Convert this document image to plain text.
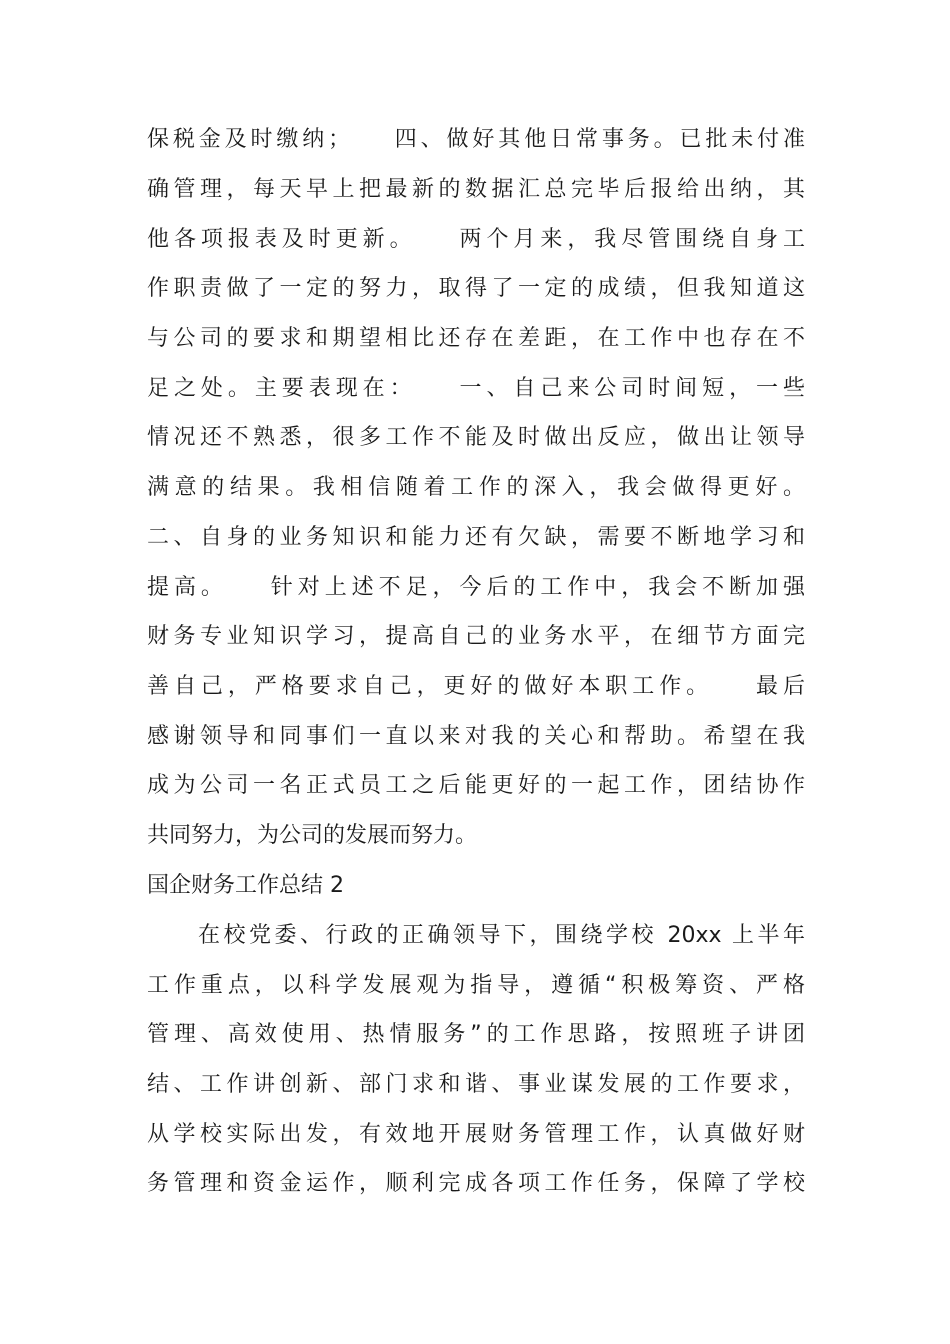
保税金及时缴纳；　　四、做好其他日常事务。已批未付准
确管理，每天早上把最新的数据汇总完毕后报给出纳，其
他各项报表及时更新。　　两个月来，我尽管围绕自身工
作职责做了一定的努力，取得了一定的成绩，但我知道这
与公司的要求和期望相比还存在差距，在工作中也存在不
足之处。主要表现在：　　一、自己来公司时间短，一些
情况还不熟悉，很多工作不能及时做出反应，做出让领导
满意的结果。我相信随着工作的深入，我会做得更好。
二、自身的业务知识和能力还有欠缺，需要不断地学习和
提高。　　针对上述不足，今后的工作中，我会不断加强
财务专业知识学习，提高自己的业务水平，在细节方面完
善自己，严格要求自己，更好的做好本职工作。　　最后
感谢领导和同事们一直以来对我的关心和帮助。希望在我
成为公司一名正式员工之后能更好的一起工作，团结协作
共同努力，为公司的发展而努力。
国企财务工作总结 2
　　在校党委、行政的正确领导下，围绕学校 20xx 上半年
工作重点，以科学发展观为指导，遵循“积极筹资、严格
管理、高效使用、热情服务”的工作思路，按照班子讲团
结、工作讲创新、部门求和谐、事业谋发展的工作要求，
从学校实际出发，有效地开展财务管理工作，认真做好财
务管理和资金运作，顺利完成各项工作任务，保障了学校
